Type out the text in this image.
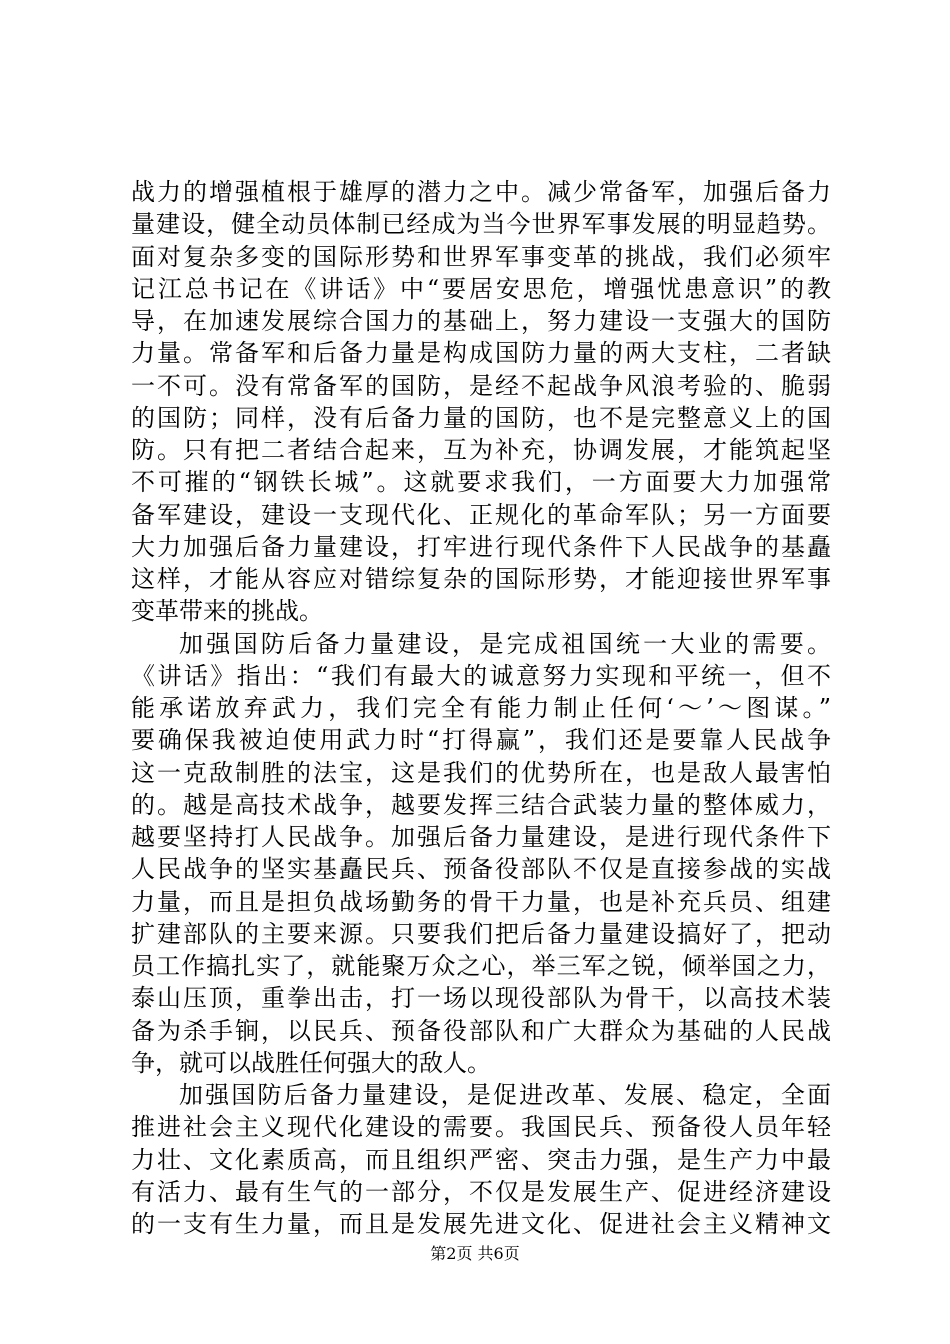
战力的增强植根于雄厚的潜力之中。减少常备军，加强后备力
量建设，健全动员体制已经成为当今世界军事发展的明显趋势。
面对复杂多变的国际形势和世界军事变革的挑战，我们必须牢
记江总书记在《讲话》中“要居安思危，增强忧患意识”的教
导，在加速发展综合国力的基础上，努力建设一支强大的国防
力量。常备军和后备力量是构成国防力量的两大支柱，二者缺
一不可。没有常备军的国防，是经不起战争风浪考验的、脆弱
的国防；同样，没有后备力量的国防，也不是完整意义上的国
防。只有把二者结合起来，互为补充，协调发展，才能筑起坚
不可摧的“钢铁长城”。这就要求我们，一方面要大力加强常
备军建设，建设一支现代化、正规化的革命军队；另一方面要
大力加强后备力量建设，打牢进行现代条件下人民战争的基矗
这样，才能从容应对错综复杂的国际形势，才能迎接世界军事
变革带来的挑战。
加强国防后备力量建设，是完成祖国统一大业的需要。
《讲话》指出：“我们有最大的诚意努力实现和平统一，但不
能承诺放弃武力，我们完全有能力制止任何‘～’～图谋。”
要确保我被迫使用武力时“打得赢”，我们还是要靠人民战争
这一克敌制胜的法宝，这是我们的优势所在，也是敌人最害怕
的。越是高技术战争，越要发挥三结合武装力量的整体威力，
越要坚持打人民战争。加强后备力量建设，是进行现代条件下
人民战争的坚实基矗民兵、预备役部队不仅是直接参战的实战
力量，而且是担负战场勤务的骨干力量，也是补充兵员、组建
扩建部队的主要来源。只要我们把后备力量建设搞好了，把动
员工作搞扎实了，就能聚万众之心，举三军之锐，倾举国之力，
泰山压顶，重拳出击，打一场以现役部队为骨干，以高技术装
备为杀手锏，以民兵、预备役部队和广大群众为基础的人民战
争，就可以战胜任何强大的敌人。
加强国防后备力量建设，是促进改革、发展、稳定，全面
推进社会主义现代化建设的需要。我国民兵、预备役人员年轻
力壮、文化素质高，而且组织严密、突击力强，是生产力中最
有活力、最有生气的一部分，不仅是发展生产、促进经济建设
的一支有生力量，而且是发展先进文化、促进社会主义精神文
第2页 共6页
